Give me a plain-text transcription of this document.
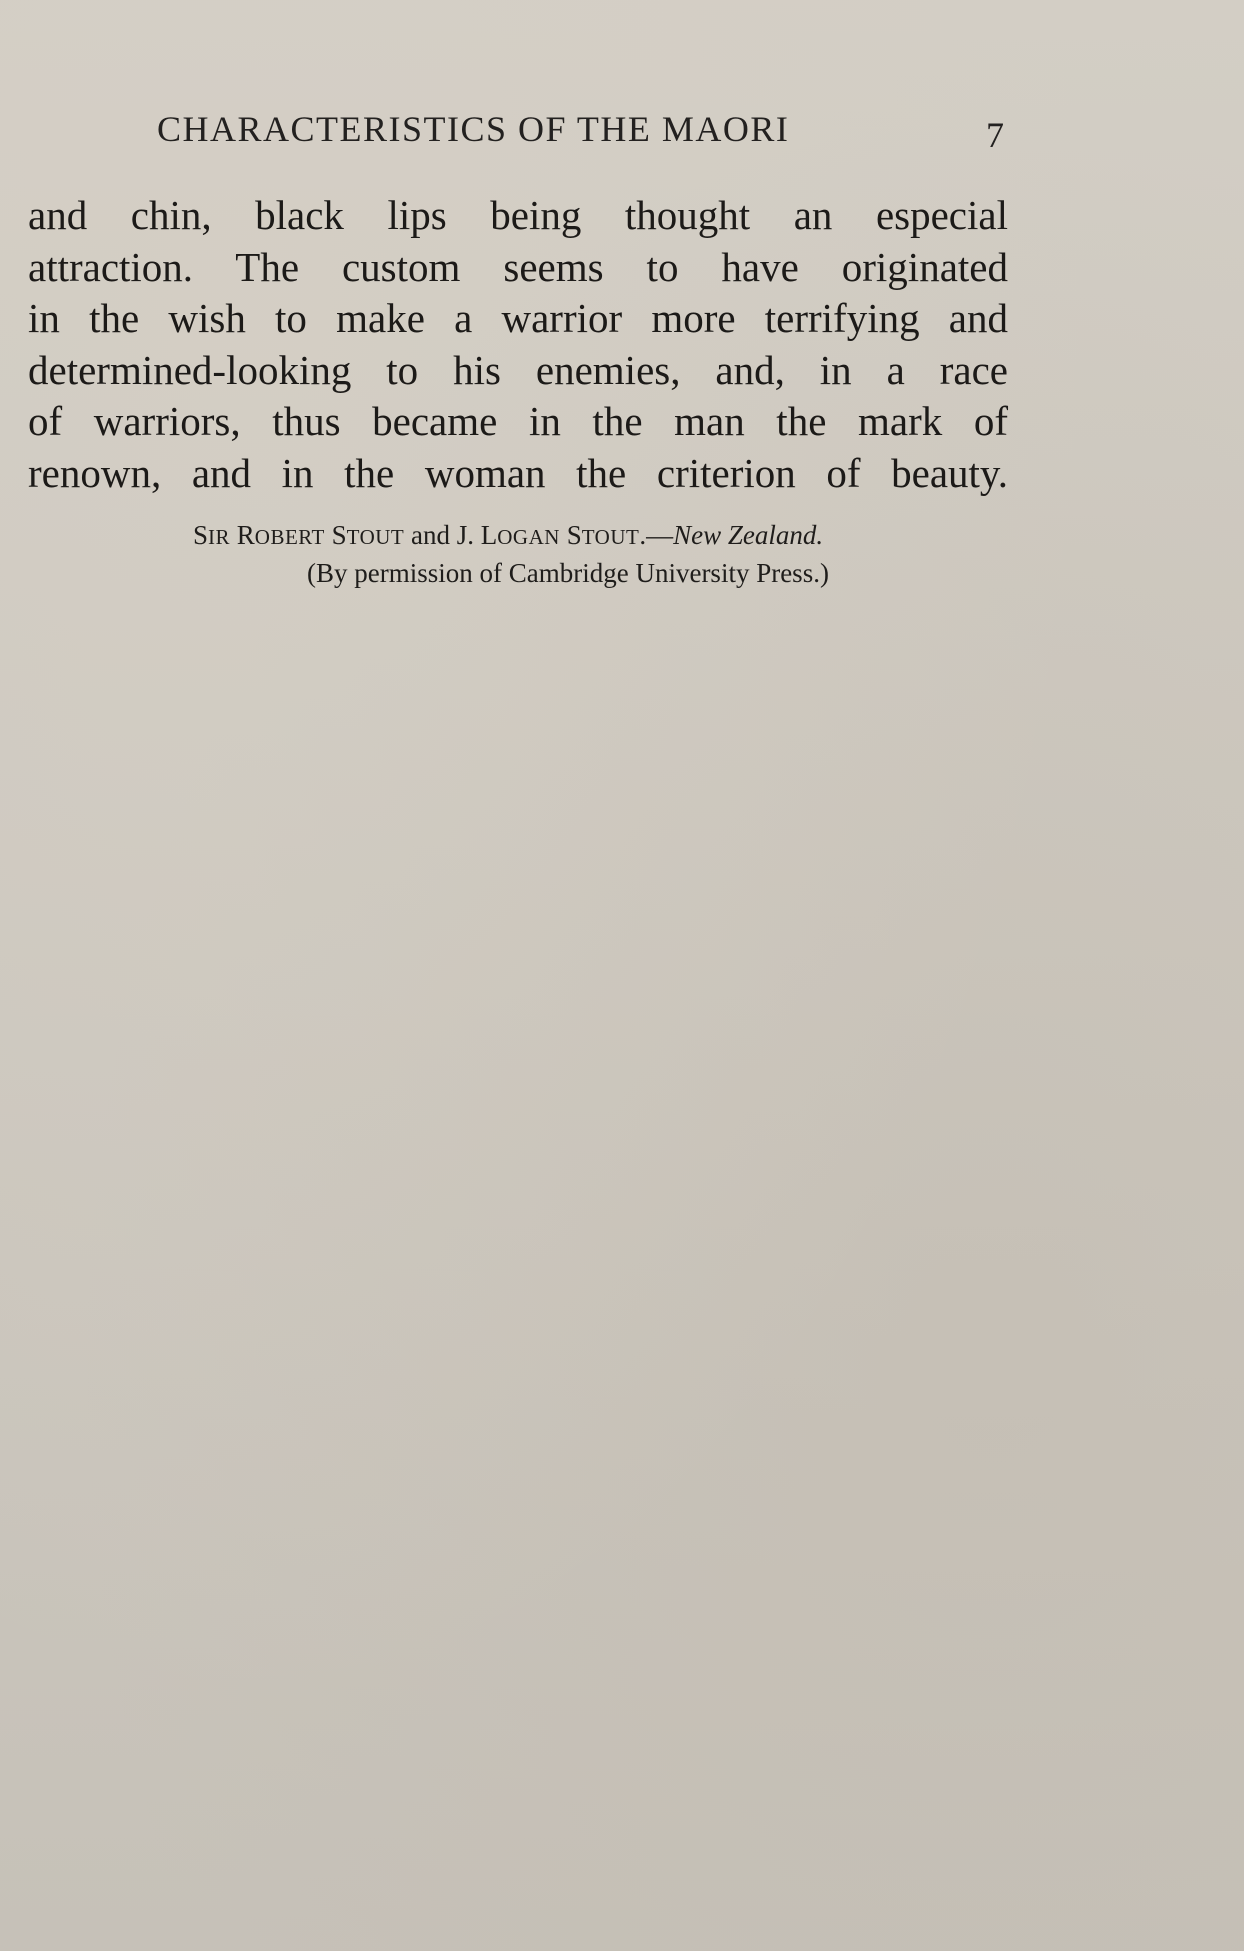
CHARACTERISTICS OF THE MAORI	7
and chin, black lips being thought an especial
attraction. The custom seems to have originated
in the wish to make a warrior more terrifying and
determined-looking to his enemies, and, in a race
of warriors, thus became in the man the mark of
renown, and in the woman the criterion of beauty.
SIR ROBERT STOUT and J. LOGAN STOUT.—New Zealand.
(By permission of Cambridge University Press.)
